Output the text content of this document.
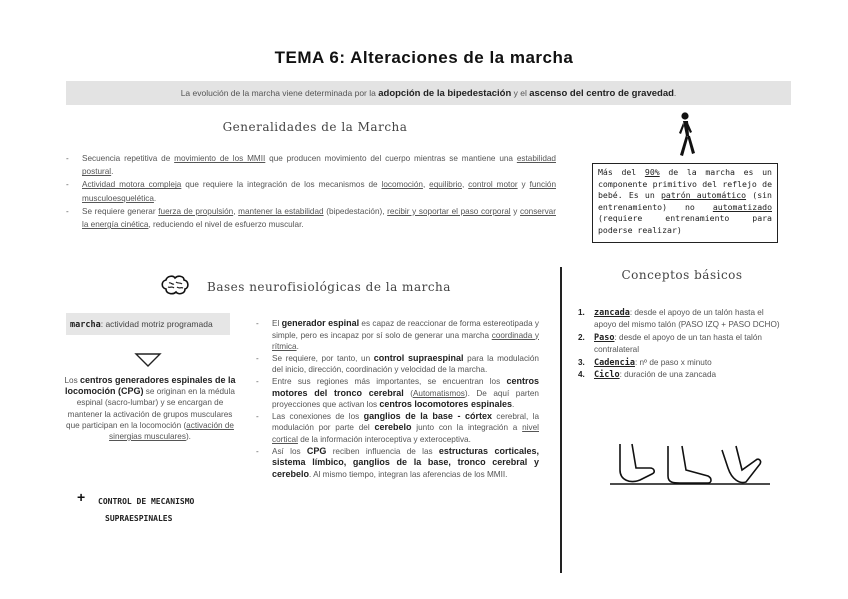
TEMA 6: Alteraciones de la marcha
La evolución de la marcha viene determinada por la adopción de la bipedestación y el ascenso del centro de gravedad.
Generalidades de la Marcha
- Secuencia repetitiva de movimiento de los MMII que producen movimiento del cuerpo mientras se mantiene una estabilidad postural.
- Actividad motora compleja que requiere la integración de los mecanismos de locomoción, equilibrio, control motor y función musculoesquelética.
- Se requiere generar fuerza de propulsión, mantener la estabilidad (bipedestación), recibir y soportar el paso corporal y conservar la energía cinética, reduciendo el nivel de esfuerzo muscular.
Más del 90% de la marcha es un componente primitivo del reflejo de bebé. Es un patrón automático (sin entrenamiento) no automatizado (requiere entrenamiento para poderse realizar)
Bases neurofisiológicas de la marcha
marcha: actividad motriz programada
Los centros generadores espinales de la locomoción (CPG) se originan en la médula espinal (sacro-lumbar) y se encargan de mantener la activación de grupos musculares que participan en la locomoción (activación de sinergias musculares).
+ CONTROL DE MECANISMO
SUPRAESPINALES
- El generador espinal es capaz de reaccionar de forma estereotipada y simple, pero es incapaz por sí solo de generar una marcha coordinada y rítmica.
- Se requiere, por tanto, un control supraespinal para la modulación del inicio, dirección, coordinación y velocidad de la marcha.
- Entre sus regiones más importantes, se encuentran los centros motores del tronco cerebral (Automatismos). De aquí parten proyecciones que activan los centros locomotores espinales.
- Las conexiones de los ganglios de la base - córtex cerebral, la modulación por parte del cerebelo junto con la integración a nivel cortical de la información interoceptiva y exteroceptiva.
- Así los CPG reciben influencia de las estructuras corticales, sistema límbico, ganglios de la base, tronco cerebral y cerebelo. Al mismo tiempo, integran las aferencias de los MMII.
Conceptos básicos
1. zancada: desde el apoyo de un talón hasta el apoyo del mismo talón (PASO IZQ + PASO DCHO)
2. Paso: desde el apoyo de un tan hasta el talón contralateral
3. Cadencia: nº de paso x minuto
4. Ciclo: duración de una zancada
